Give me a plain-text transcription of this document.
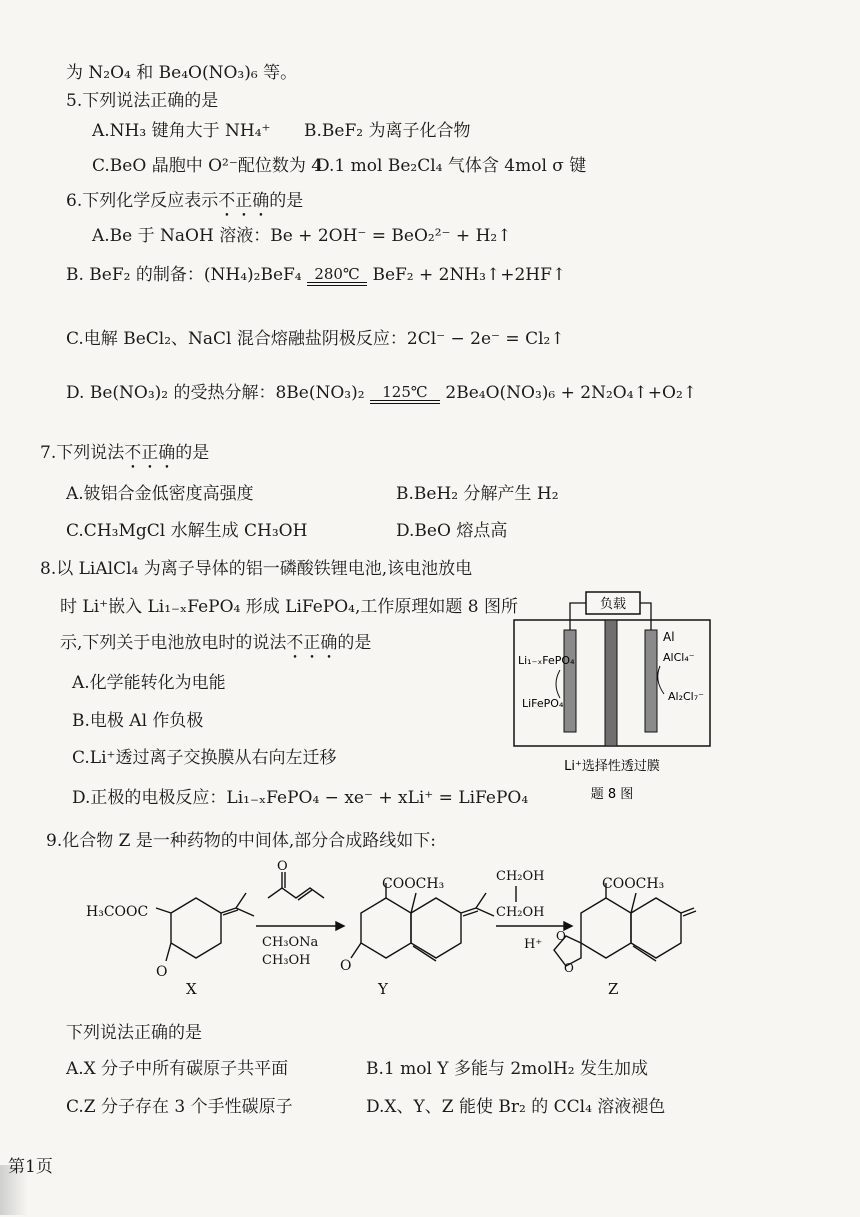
为 N₂O₄ 和 Be₄O(NO₃)₆ 等。
5.下列说法正确的是
A.NH₃ 键角大于 NH₄⁺ B.BeF₂ 为离子化合物
C.BeO 晶胞中 O²⁻配位数为 4
D.1 mol Be₂Cl₄ 气体含 4mol σ 键
6.下列化学反应表示不正确的是
A.Be 于 NaOH 溶液：Be + 2OH⁻ = BeO₂²⁻ + H₂↑
B. BeF₂ 的制备：(NH₄)₂BeF₄ 280℃ BeF₂ + 2NH₃↑+2HF↑
C.电解 BeCl₂、NaCl 混合熔融盐阴极反应：2Cl⁻ − 2e⁻ = Cl₂↑
D. Be(NO₃)₂ 的受热分解：8Be(NO₃)₂	125℃	2Be₄O(NO₃)₆ + 2N₂O₄↑+O₂↑
7.下列说法不正确的是
A.铍铝合金低密度高强度	B.BeH₂ 分解产生 H₂
C.CH₃MgCl 水解生成 CH₃OH	D.BeO 熔点高
8.以 LiAlCl₄ 为离子导体的铝一磷酸铁锂电池,该电池放电
时 Li⁺嵌入 Li₁₋ₓFePO₄ 形成 LiFePO₄,工作原理如题 8 图所
示,下列关于电池放电时的说法不正确的是
A.化学能转化为电能
B.电极 Al 作负极
C.Li⁺透过离子交换膜从右向左迁移
D.正极的电极反应：Li₁₋ₓFePO₄ − xe⁻ + xLi⁺ = LiFePO₄
负载
Li₁₋ₓFePO₄
LiFePO₄
Al
AlCl₄⁻
Al₂Cl₇⁻
Li⁺选择性透过膜
题 8 图
9.化合物 Z 是一种药物的中间体,部分合成路线如下:
H₃COOC
O
X
CH₃ONa
CH₃OH
O
COOCH₃
O
Y
CH₂OH
CH₂OH
H⁺
COOCH₃
O
O
Z
下列说法正确的是
A.X 分子中所有碳原子共平面	B.1 mol Y 多能与 2molH₂ 发生加成
C.Z 分子存在 3 个手性碳原子	D.X、Y、Z 能使 Br₂ 的 CCl₄ 溶液褪色
第1页
